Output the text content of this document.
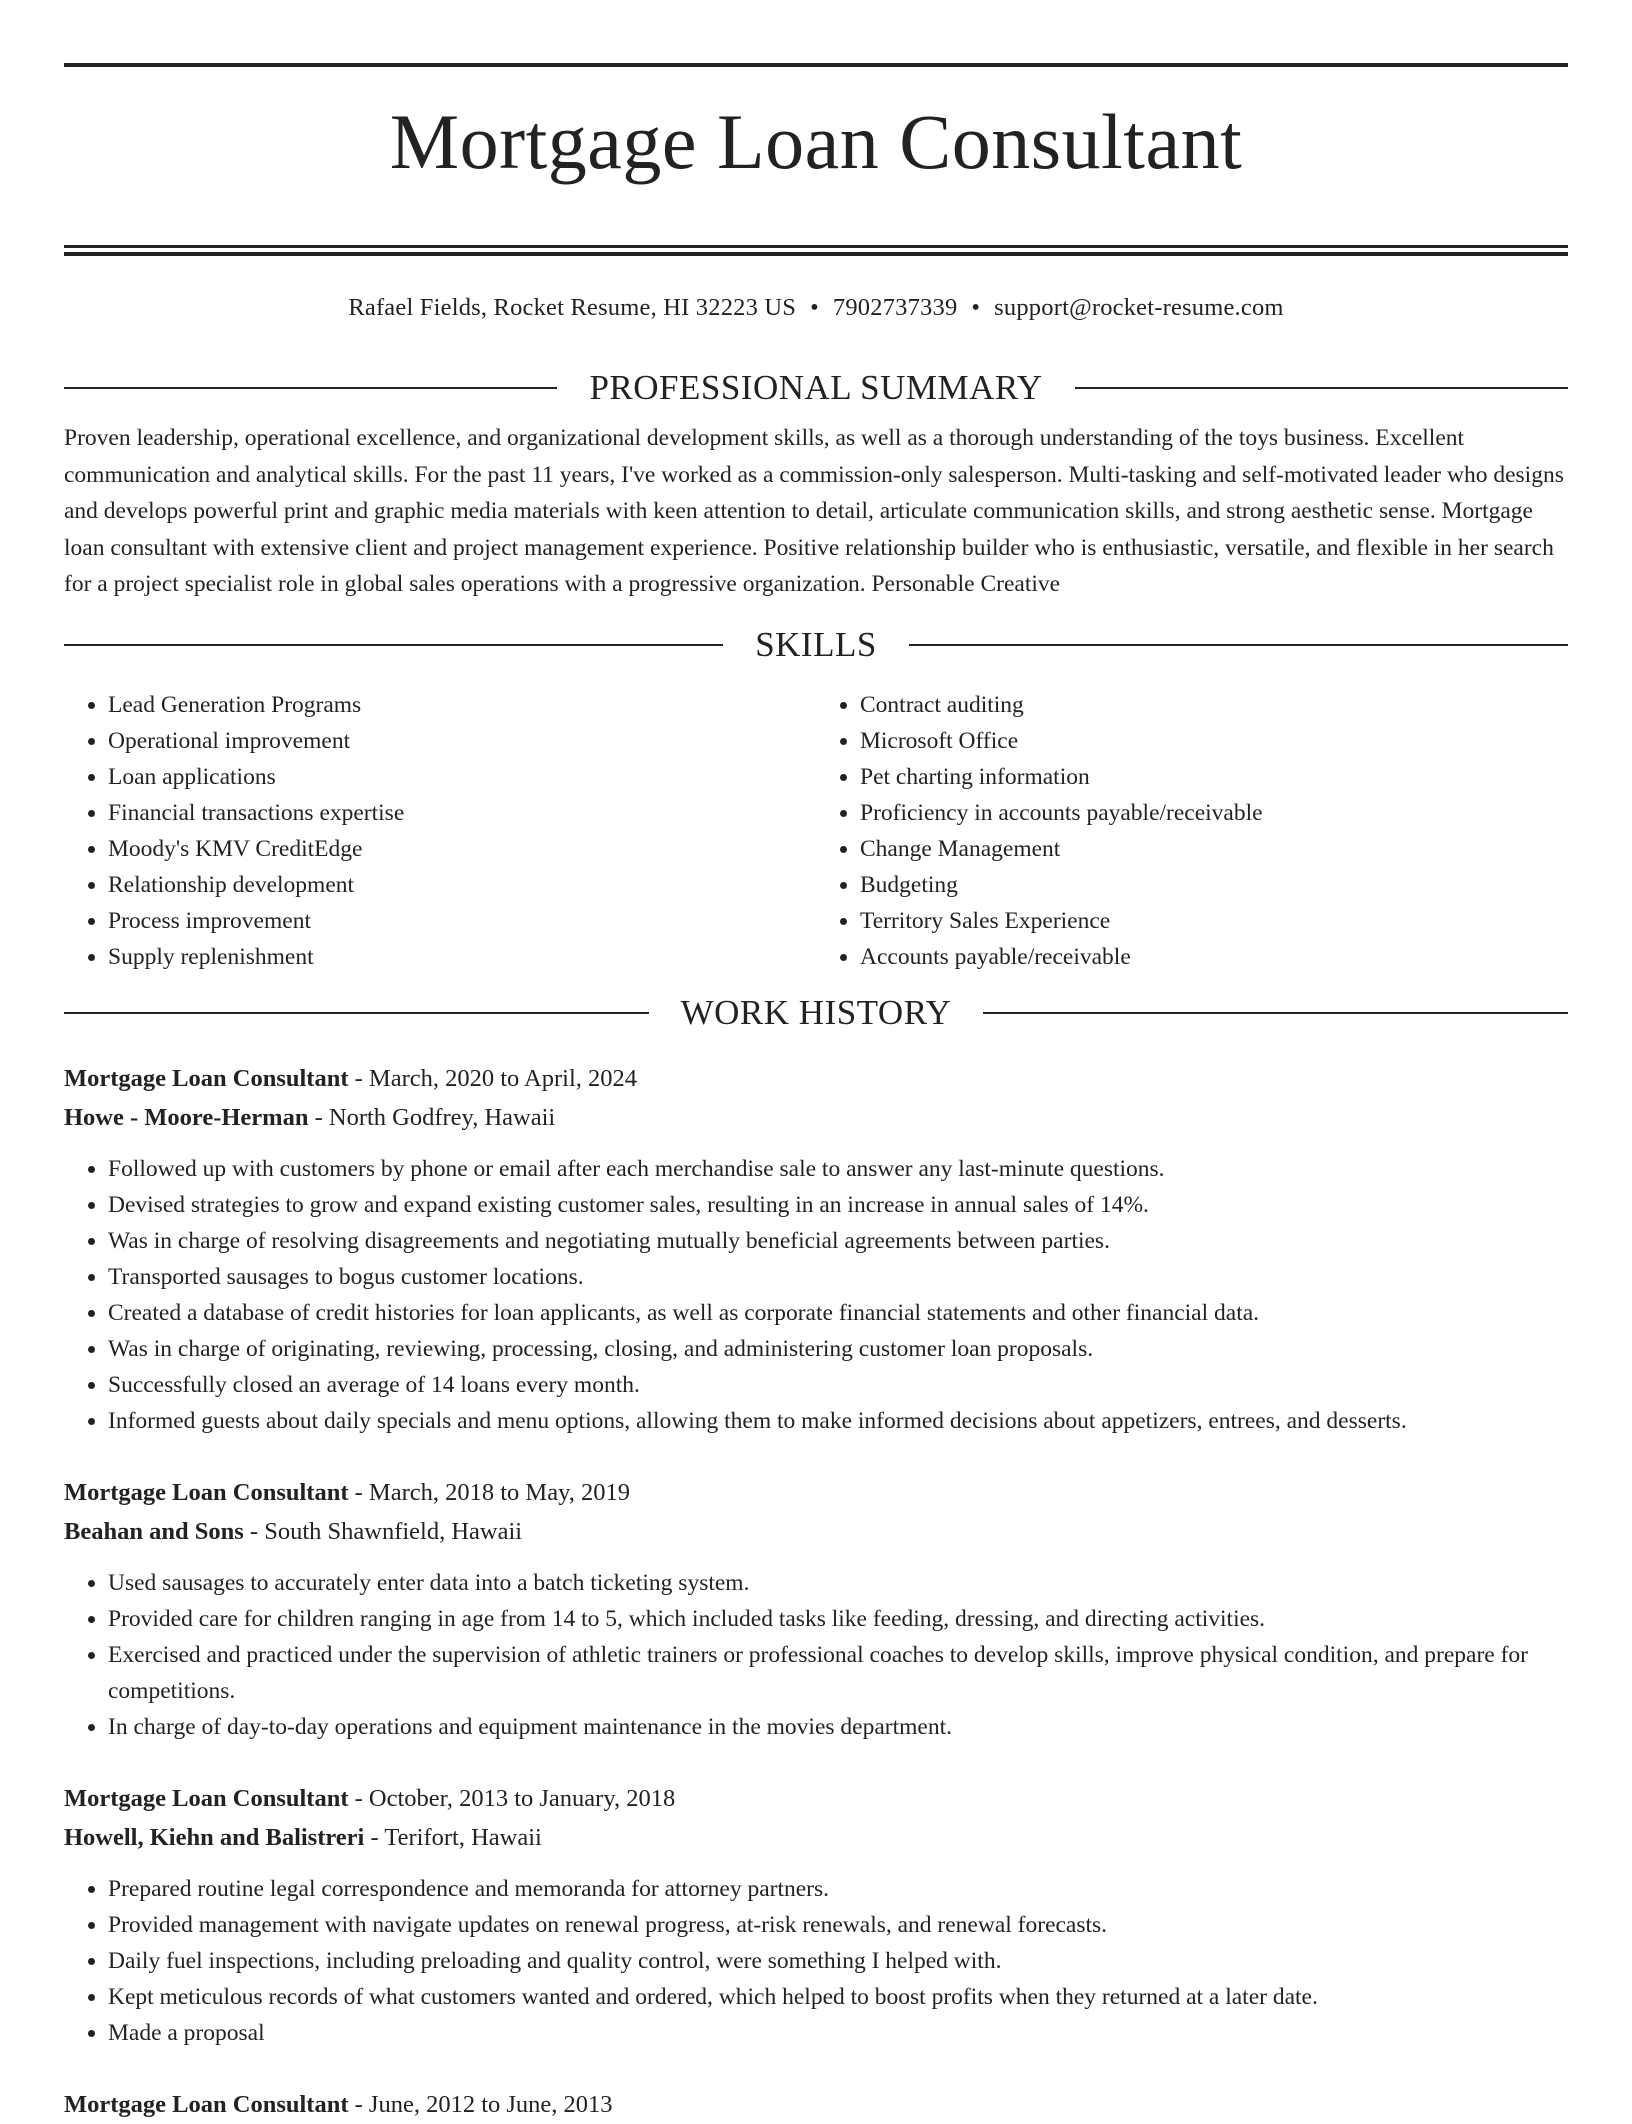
Mortgage Loan Consultant
Rafael Fields, Rocket Resume, HI 32223 US • 7902737339 • support@rocket-resume.com
PROFESSIONAL SUMMARY
Proven leadership, operational excellence, and organizational development skills, as well as a thorough understanding of the toys business. Excellent communication and analytical skills. For the past 11 years, I've worked as a commission-only salesperson. Multi-tasking and self-motivated leader who designs and develops powerful print and graphic media materials with keen attention to detail, articulate communication skills, and strong aesthetic sense. Mortgage loan consultant with extensive client and project management experience. Positive relationship builder who is enthusiastic, versatile, and flexible in her search for a project specialist role in global sales operations with a progressive organization. Personable Creative
SKILLS
• Lead Generation Programs
• Operational improvement
• Loan applications
• Financial transactions expertise
• Moody's KMV CreditEdge
• Relationship development
• Process improvement
• Supply replenishment
• Contract auditing
• Microsoft Office
• Pet charting information
• Proficiency in accounts payable/receivable
• Change Management
• Budgeting
• Territory Sales Experience
• Accounts payable/receivable
WORK HISTORY
Mortgage Loan Consultant - March, 2020 to April, 2024
Howe - Moore-Herman - North Godfrey, Hawaii
• Followed up with customers by phone or email after each merchandise sale to answer any last-minute questions.
• Devised strategies to grow and expand existing customer sales, resulting in an increase in annual sales of 14%.
• Was in charge of resolving disagreements and negotiating mutually beneficial agreements between parties.
• Transported sausages to bogus customer locations.
• Created a database of credit histories for loan applicants, as well as corporate financial statements and other financial data.
• Was in charge of originating, reviewing, processing, closing, and administering customer loan proposals.
• Successfully closed an average of 14 loans every month.
• Informed guests about daily specials and menu options, allowing them to make informed decisions about appetizers, entrees, and desserts.
Mortgage Loan Consultant - March, 2018 to May, 2019
Beahan and Sons - South Shawnfield, Hawaii
• Used sausages to accurately enter data into a batch ticketing system.
• Provided care for children ranging in age from 14 to 5, which included tasks like feeding, dressing, and directing activities.
• Exercised and practiced under the supervision of athletic trainers or professional coaches to develop skills, improve physical condition, and prepare for competitions.
• In charge of day-to-day operations and equipment maintenance in the movies department.
Mortgage Loan Consultant - October, 2013 to January, 2018
Howell, Kiehn and Balistreri - Terifort, Hawaii
• Prepared routine legal correspondence and memoranda for attorney partners.
• Provided management with navigate updates on renewal progress, at-risk renewals, and renewal forecasts.
• Daily fuel inspections, including preloading and quality control, were something I helped with.
• Kept meticulous records of what customers wanted and ordered, which helped to boost profits when they returned at a later date.
• Made a proposal
Mortgage Loan Consultant - June, 2012 to June, 2013
